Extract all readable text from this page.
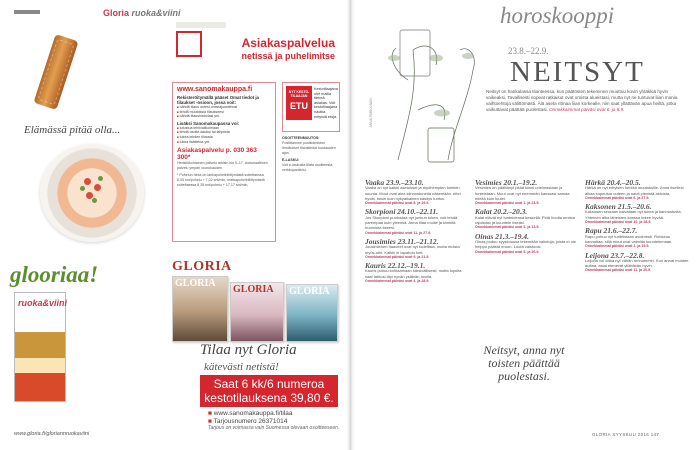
Gloria ruoka&viini
Elämässä pitää olla...
glooriaa!
ruoka&viini
www.gloria.fi/gloriannruokaviini
Asiakaspalvelua
netissä ja puhelimitse
www.sanomakauppa.fi
Rekisteröitymällä pääset Omat tiedot ja tilaukset -osioon, jossa voit:
■ nähdä tilaus ontesi omistajuustietosi
■ tehdä muutoksia tilaukseesi
■ nähdä tilaushistoriasi ym.
Lisäksi Sanomakaupassa voi:
■ tutustua lehtivalikoimaan
■ tehdä osoite-dauksi tai lahjoista
■ tukea lehden tilausta
■ lukea lisätietoa ym.
Asiakaspalvelu p. 030 363 300*
Henkilökohtainen palvelu arkisin klo 9–17. Automaattinen palvelu ympäri vuorokauden.
* Puhelun hinta on lankapuhelinliittymästä soitettaessa 8,35 snt/puhelu + 7,02 snt/min, matkapuhelinliittymästä soitettaessa 8,35 snt/puhelu + 17,17 snt/min.
NYT KESTO-TILAAJAN
ETU
Kestotilaajana olet mailla tärkeä asiakas. Voit kestotilaajana nauttia erityisiä etuja.
OSOITTEENMUUTOS:
Postittamme postitoimiston ilmoitukset tilaustiedot kuukauden ajan.
E-LASKU:
Voit e-laskusta tilata osoitteesta verkkopankkisi.
GLORIA
GLORIA
GLORIA GLORIA
Tilaa nyt Gloria
kätevästi netistä!
Saat 6 kk/6 numeroa
kestotilauksena 39,80 €.
■ www.sanomakauppa.fi/tilaa
■ Tarjousnumero 26371014
Tarjous on voimassa vain Suomessa olevaan osoitteeseen.
ANNA PARKKINEN
horoskooppi
23.8.–22.9.
NEITSYT
Neitsyt on hankalassa tilanteessa, kun päätösten tekeminen muuttuu kovin yhtäkkiä hyvin vaikeaksi. Tavallisesti nopeat ratkaisut ovat omista alueistasi, mutta nyt ne tuntuvat liian monia vaihtoehtoja välittömästi. Älä aseta ritmaa liian korkealle, niin saat yllättävän apua heiltä, jotka vaikuttavat päättää puolestasi. Onnekkaimmat päiväsi ovat 6. ja 8.9.
Vaaka 23.9.–23.10.
Vaaka on nyt kaikki asetukset ja myöhempien toimien suunta. Muut ovat aina kiinnostuneita näkemään, ettei hyvät, toisin kuin nykyaikainen käsitys tuntuu.
Onnekkaimmat päiväsi ovat 8. ja 29.9.
Skorpioni 24.10.–22.11.
Jos Skorpioni puolustaa nyt jonkun tukea, voit tehdä parempaa kuin yleensä. Anna tilaa muille ja kiinnitä huomiota itseesi.
Onnekkaimmat päiväsi ovat 11. ja 27.9.
Jousimies 23.11.–21.12.
Jousimiehen haaveet ovat nyt todellisia, mutta muista myös arki. Kaikki ei tapahdu heti.
Onnekkaimmat päiväsi ovat 9. ja 21.9.
Kauris 22.12.–19.1.
Kauris puhuu kohtaamaan kärsivällisesti, mutta lopulta saat tahtosi läpi hyvän ystävän avulla.
Onnekkaimmat päiväsi ovat 4. ja 28.9.
Vesimies 20.1.–19.2.
Vesimies on päättänyt pitää kiinni unelmastaan ja tunteistaan. Muut ovat nyt enemmän kanssasi samaa mieltä kuin luulet.
Onnekkaimmat päiväsi ovat 1. ja 23.9.
Kalat 20.2.–20.3.
Kalat elävät nyt tunteidensa keskellä. Pidä huolta omista rajoistasi ja kuuntele itseäsi.
Onnekkaimmat päiväsi ovat 3. ja 13.9.
Oinas 21.3.–19.4.
Oinas joutuu syyskuussa tekemään valintoja, joista ei ole helppo päästä eroon. Luota vaistoosi.
Onnekkaimmat päiväsi ovat 5. ja 26.9.
Neitsyt, anna nyt toisten päättää puolestasi.
Härkä 20.4.–20.5.
Härkä on nyt erityisen herkkä muutoksille. Anna itsellesi aikaa sopeutua uuteen ja nauti pienistä asioista.
Onnekkaimmat päiväsi ovat 6. ja 27.9.
Kaksonen 21.5.–20.6.
Kaksosen seuraan kaivataan nyt tukea ja kannustusta. Yhteinen aika läheisten kanssa tekee hyvää.
Onnekkaimmat päiväsi ovat 10. ja 28.9.
Rapu 21.6.–22.7.
Rapu puhuu nyt tunteistaan avoimesti. Rohkeus kannattaa, sillä muut ovat valmiita kuuntelemaan.
Onnekkaimmat päiväsi ovat 2. ja 19.9.
Leijona 23.7.–22.8.
Leijona voi ottaa nyt vähän rennommin. Kun annat muiden auttaa, asiat etenevät yllättävän hyvin.
Onnekkaimmat päiväsi ovat 11. ja 20.9.
GLORIA SYYSKUU 2016 147
